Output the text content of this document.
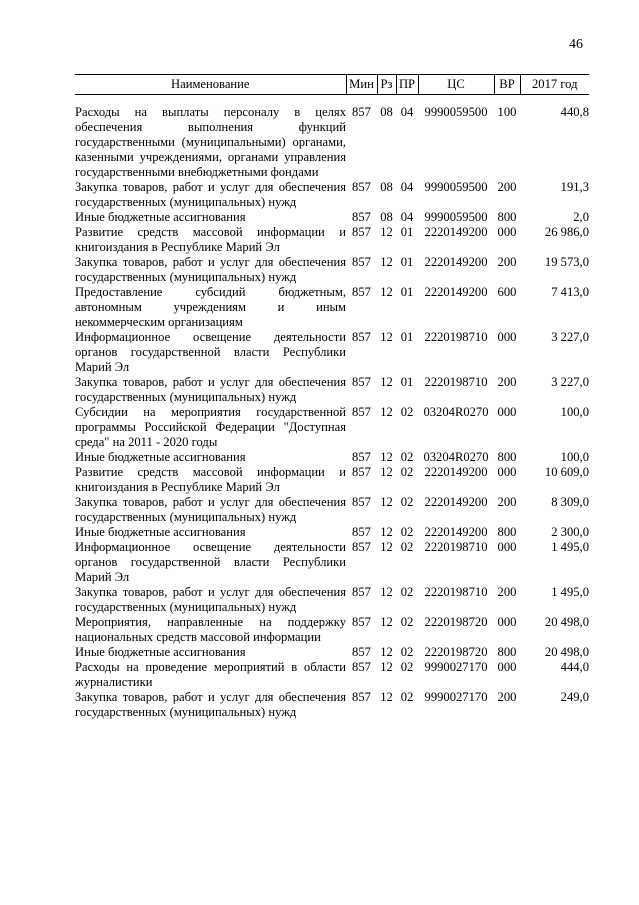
46
Наименование	Мин	Рз	ПР	ЦС	ВР	2017 год
Расходы на выплаты персоналу в целях обеспечения выполнения функций государственными (муниципальными) органами, казенными учреждениями, органами управления государственными внебюджетными фондами	857	08	04	9990059500	100	440,8
Закупка товаров, работ и услуг для обеспечения государственных (муниципальных) нужд	857	08	04	9990059500	200	191,3
Иные бюджетные ассигнования	857	08	04	9990059500	800	2,0
Развитие средств массовой информации и книгоиздания в Республике Марий Эл	857	12	01	2220149200	000	26 986,0
Закупка товаров, работ и услуг для обеспечения государственных (муниципальных) нужд	857	12	01	2220149200	200	19 573,0
Предоставление субсидий бюджетным, автономным учреждениям и иным некоммерческим организациям	857	12	01	2220149200	600	7 413,0
Информационное освещение деятельности органов государственной власти Республики Марий Эл	857	12	01	2220198710	000	3 227,0
Закупка товаров, работ и услуг для обеспечения государственных (муниципальных) нужд	857	12	01	2220198710	200	3 227,0
Субсидии на мероприятия государственной программы Российской Федерации "Доступная среда" на 2011 - 2020 годы	857	12	02	03204R0270	000	100,0
Иные бюджетные ассигнования	857	12	02	03204R0270	800	100,0
Развитие средств массовой информации и книгоиздания в Республике Марий Эл	857	12	02	2220149200	000	10 609,0
Закупка товаров, работ и услуг для обеспечения государственных (муниципальных) нужд	857	12	02	2220149200	200	8 309,0
Иные бюджетные ассигнования	857	12	02	2220149200	800	2 300,0
Информационное освещение деятельности органов государственной власти Республики Марий Эл	857	12	02	2220198710	000	1 495,0
Закупка товаров, работ и услуг для обеспечения государственных (муниципальных) нужд	857	12	02	2220198710	200	1 495,0
Мероприятия, направленные на поддержку национальных средств массовой информации	857	12	02	2220198720	000	20 498,0
Иные бюджетные ассигнования	857	12	02	2220198720	800	20 498,0
Расходы на проведение мероприятий в области журналистики	857	12	02	9990027170	000	444,0
Закупка товаров, работ и услуг для обеспечения государственных (муниципальных) нужд	857	12	02	9990027170	200	249,0
